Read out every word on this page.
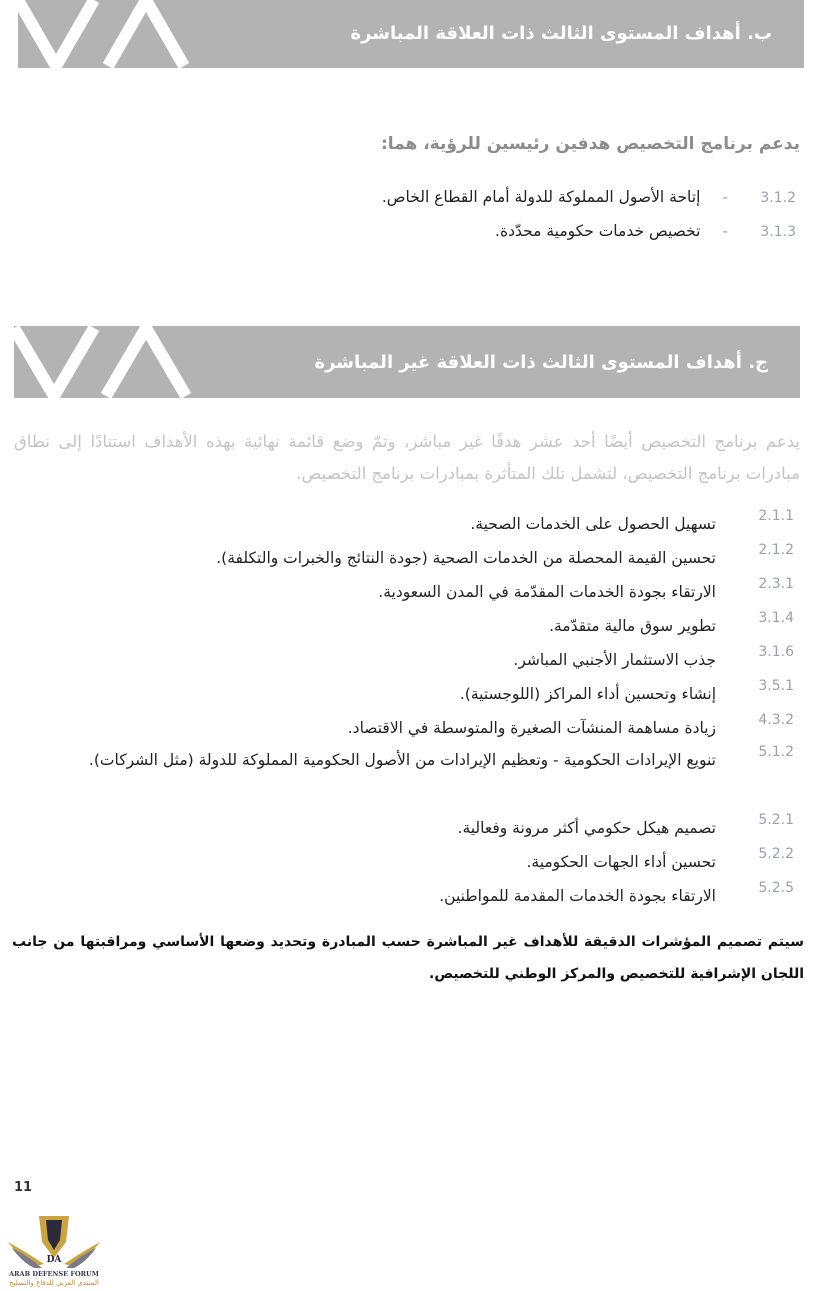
ب. أهداف المستوى الثالث ذات العلاقة المباشرة
يدعم برنامج التخصيص هدفين رئيسين للرؤية، هما:
3.1.2-إتاحة الأصول المملوكة للدولة أمام القطاع الخاص.
3.1.3-تخصيص خدمات حكومية محدّدة.
ج. أهداف المستوى الثالث ذات العلاقة غير المباشرة
يدعم برنامج التخصيص أيضًا أحد عشر هدفًا غير مباشر، وتمّ وضع قائمة نهائية بهذه الأهداف استنادًا إلى نطاق مبادرات برنامج التخصيص، لتشمل تلك المتأثرة بمبادرات برنامج التخصيص.
2.1.1
تسهيل الحصول على الخدمات الصحية.
2.1.2
تحسين القيمة المحصلة من الخدمات الصحية (جودة النتائج والخبرات والتكلفة).
2.3.1
الارتقاء بجودة الخدمات المقدّمة في المدن السعودية.
3.1.4
تطوير سوق مالية متقدّمة.
3.1.6
جذب الاستثمار الأجنبي المباشر.
3.5.1
إنشاء وتحسين أداء المراكز (اللوجستية).
4.3.2
زيادة مساهمة المنشآت الصغيرة والمتوسطة في الاقتصاد.
5.1.2
تنويع الإيرادات الحكومية - وتعظيم الإيرادات من الأصول الحكومية المملوكة للدولة (مثل الشركات).
5.2.1
تصميم هيكل حكومي أكثر مرونة وفعالية.
5.2.2
تحسين أداء الجهات الحكومية.
5.2.5
الارتقاء بجودة الخدمات المقدمة للمواطنين.
سيتم تصميم المؤشرات الدقيقة للأهداف غير المباشرة حسب المبادرة وتحديد وضعها الأساسي ومراقبتها من جانب اللجان الإشرافية للتخصيص والمركز الوطني للتخصيص.
11
DA
ARAB DEFENSE FORUM
المنتدى العربي للدفاع والتسليح
